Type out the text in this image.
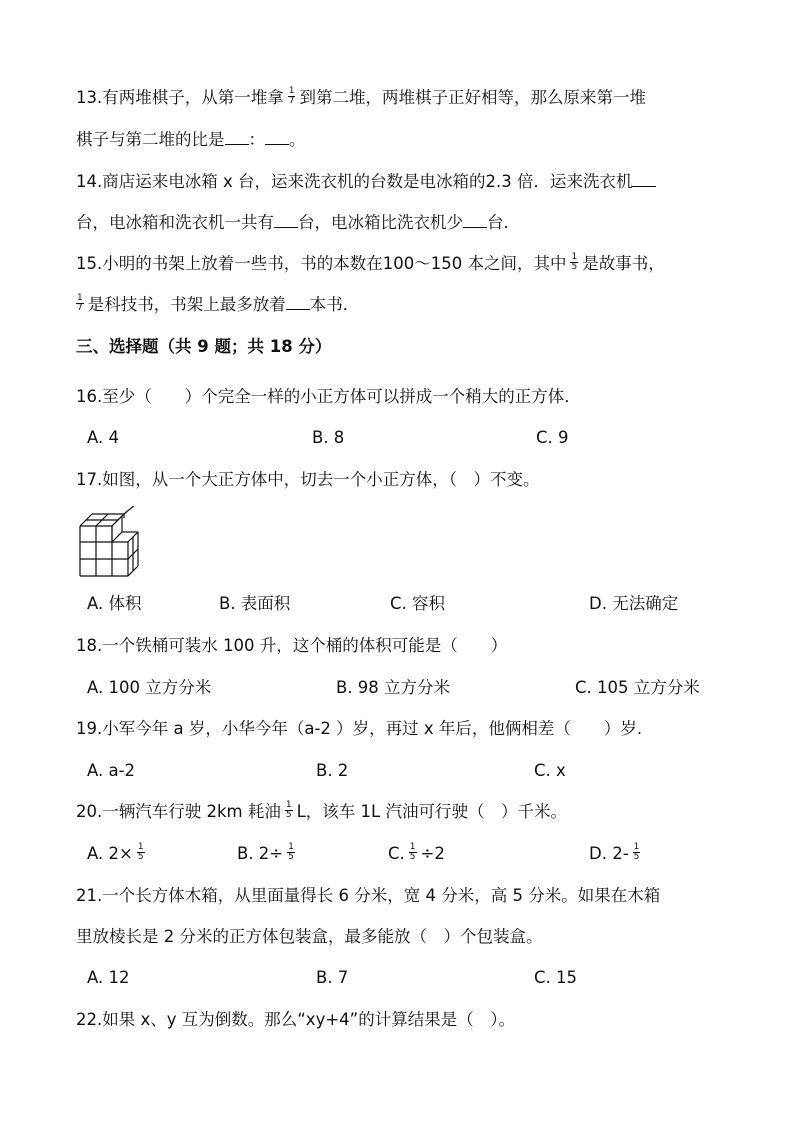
13.有两堆棋子，从第一堆拿 $\frac{1}{7}$ 到第二堆，两堆棋子正好相等，那么原来第一堆
棋子与第二堆的比是 ： 。
14.商店运来电冰箱 x 台，运来洗衣机的台数是电冰箱的2.3 倍．运来洗衣机
台，电冰箱和洗衣机一共有 台，电冰箱比洗衣机少 台．
15.小明的书架上放着一些书，书的本数在100～150 本之间，其中 $\frac{1}{5}$ 是故事书，
$\frac{1}{7}$ 是科技书，书架上最多放着 本书．
三、选择题（共 9 题；共 18 分）
16.至少（　　）个完全一样的小正方体可以拼成一个稍大的正方体．
A. 4	B. 8	C. 9
17.如图，从一个大正方体中，切去一个小正方体，（　）不变。
A. 体积	B. 表面积	C. 容积	D. 无法确定
18.一个铁桶可装水 100 升，这个桶的体积可能是（　　）
A. 100 立方分米	B. 98 立方分米	C. 105 立方分米
19.小军今年 a 岁，小华今年（a-2 ）岁，再过 x 年后，他俩相差（　　）岁.
A. a-2	B. 2	C. x
20.一辆汽车行驶 2km 耗油 $\frac{1}{5}$ L，该车 1L 汽油可行驶（　）千米。
A. $2\times \frac{1}{5}$	B. $2\div \frac{1}{5}$	C. $\frac{1}{5} \div 2$	D. $2- \frac{1}{5}$
21.一个长方体木箱，从里面量得长 6 分米，宽 4 分米，高 5 分米。如果在木箱
里放棱长是 2 分米的正方体包装盒，最多能放（　）个包装盒。
A. 12	B. 7	C. 15
22.如果 x、y 互为倒数。那么“xy+4”的计算结果是（　）。
